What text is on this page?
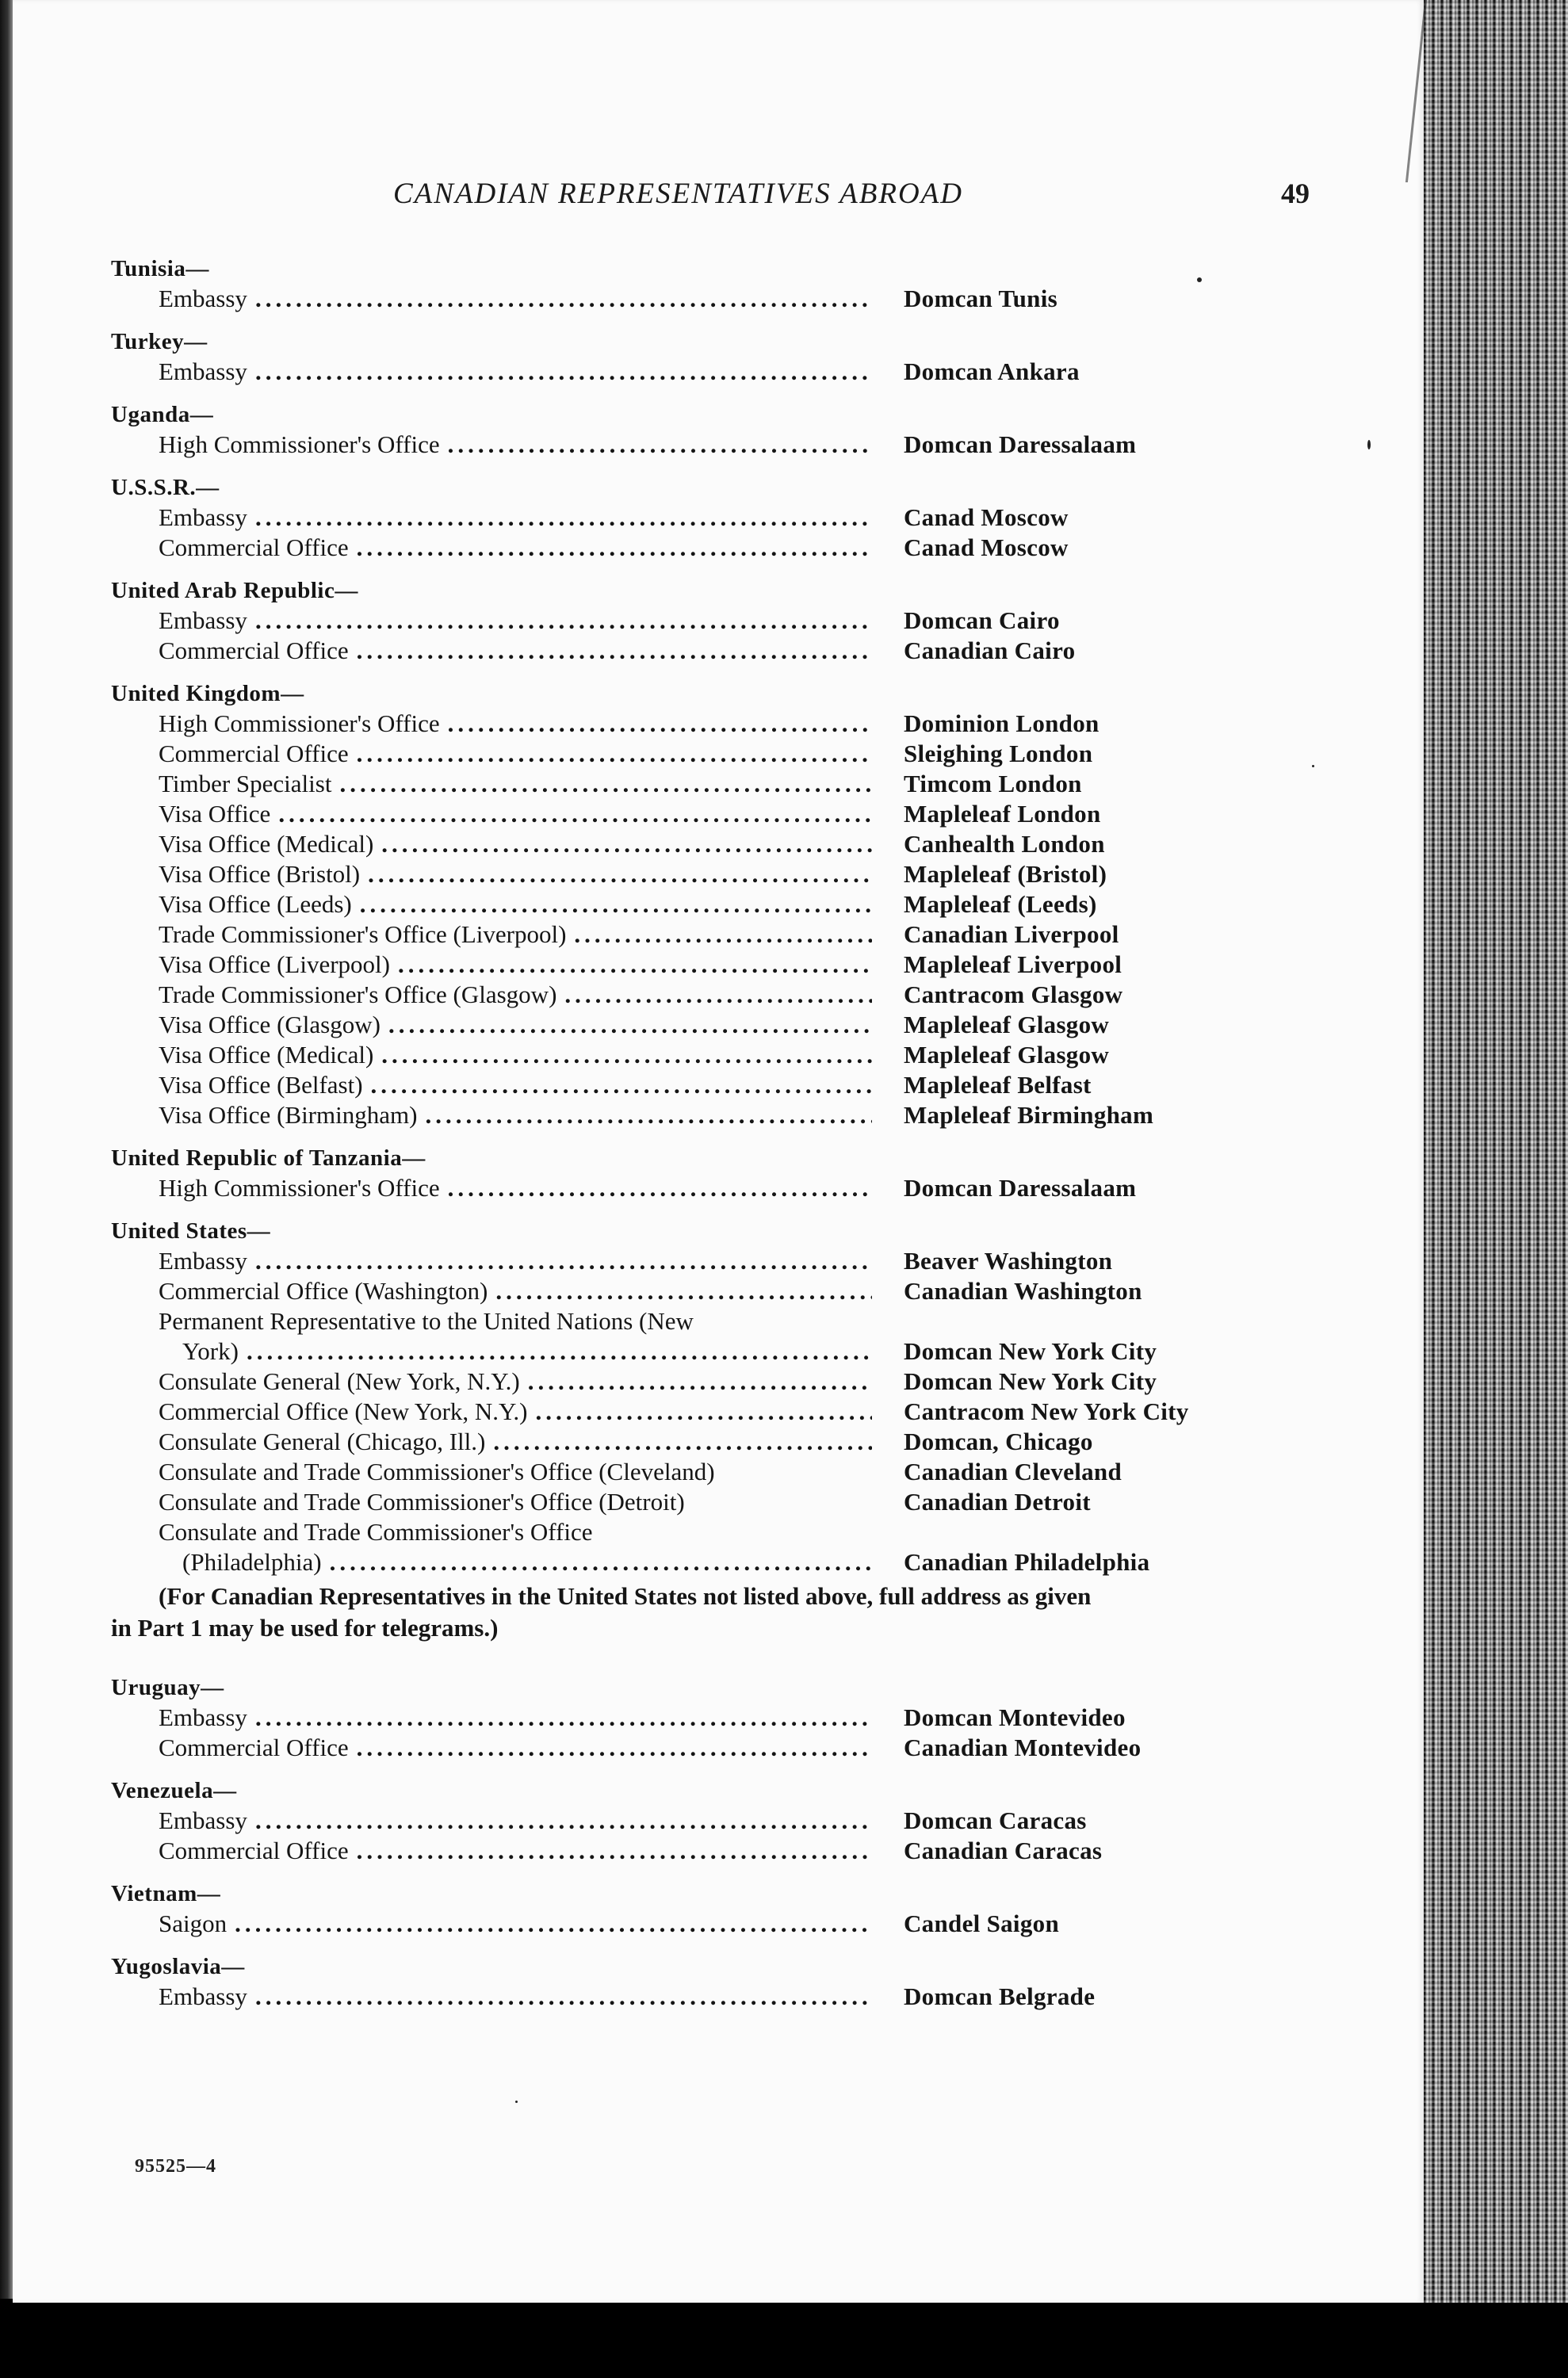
CANADIAN REPRESENTATIVES ABROAD	49
Tunisia—
Embassy .....	Domcan Tunis
Turkey—
Embassy .....	Domcan Ankara
Uganda—
High Commissioner's Office .....	Domcan Daressalaam
U.S.S.R.—
Embassy .....	Canad Moscow
Commercial Office .....	Canad Moscow
United Arab Republic—
Embassy .....	Domcan Cairo
Commercial Office .....	Canadian Cairo
United Kingdom—
High Commissioner's Office .....	Dominion London
Commercial Office .....	Sleighing London
Timber Specialist .....	Timcom London
Visa Office .....	Mapleleaf London
Visa Office (Medical) .....	Canhealth London
Visa Office (Bristol) .....	Mapleleaf (Bristol)
Visa Office (Leeds) .....	Mapleleaf (Leeds)
Trade Commissioner's Office (Liverpool) .....	Canadian Liverpool
Visa Office (Liverpool) .....	Mapleleaf Liverpool
Trade Commissioner's Office (Glasgow) .....	Cantracom Glasgow
Visa Office (Glasgow) .....	Mapleleaf Glasgow
Visa Office (Medical) .....	Mapleleaf Glasgow
Visa Office (Belfast) .....	Mapleleaf Belfast
Visa Office (Birmingham) .....	Mapleleaf Birmingham
United Republic of Tanzania—
High Commissioner's Office .....	Domcan Daressalaam
United States—
Embassy .....	Beaver Washington
Commercial Office (Washington) .....	Canadian Washington
Permanent Representative to the United Nations (New
York) .....	Domcan New York City
Consulate General (New York, N.Y.) .....	Domcan New York City
Commercial Office (New York, N.Y.) .....	Cantracom New York City
Consulate General (Chicago, Ill.) .....	Domcan, Chicago
Consulate and Trade Commissioner's Office (Cleveland)	Canadian Cleveland
Consulate and Trade Commissioner's Office (Detroit)	Canadian Detroit
Consulate and Trade Commissioner's Office
(Philadelphia) .....	Canadian Philadelphia
(For Canadian Representatives in the United States not listed above, full address as given
in Part 1 may be used for telegrams.)
Uruguay—
Embassy .....	Domcan Montevideo
Commercial Office .....	Canadian Montevideo
Venezuela—
Embassy .....	Domcan Caracas
Commercial Office .....	Canadian Caracas
Vietnam—
Saigon .....	Candel Saigon
Yugoslavia—
Embassy .....	Domcan Belgrade
95525—4
